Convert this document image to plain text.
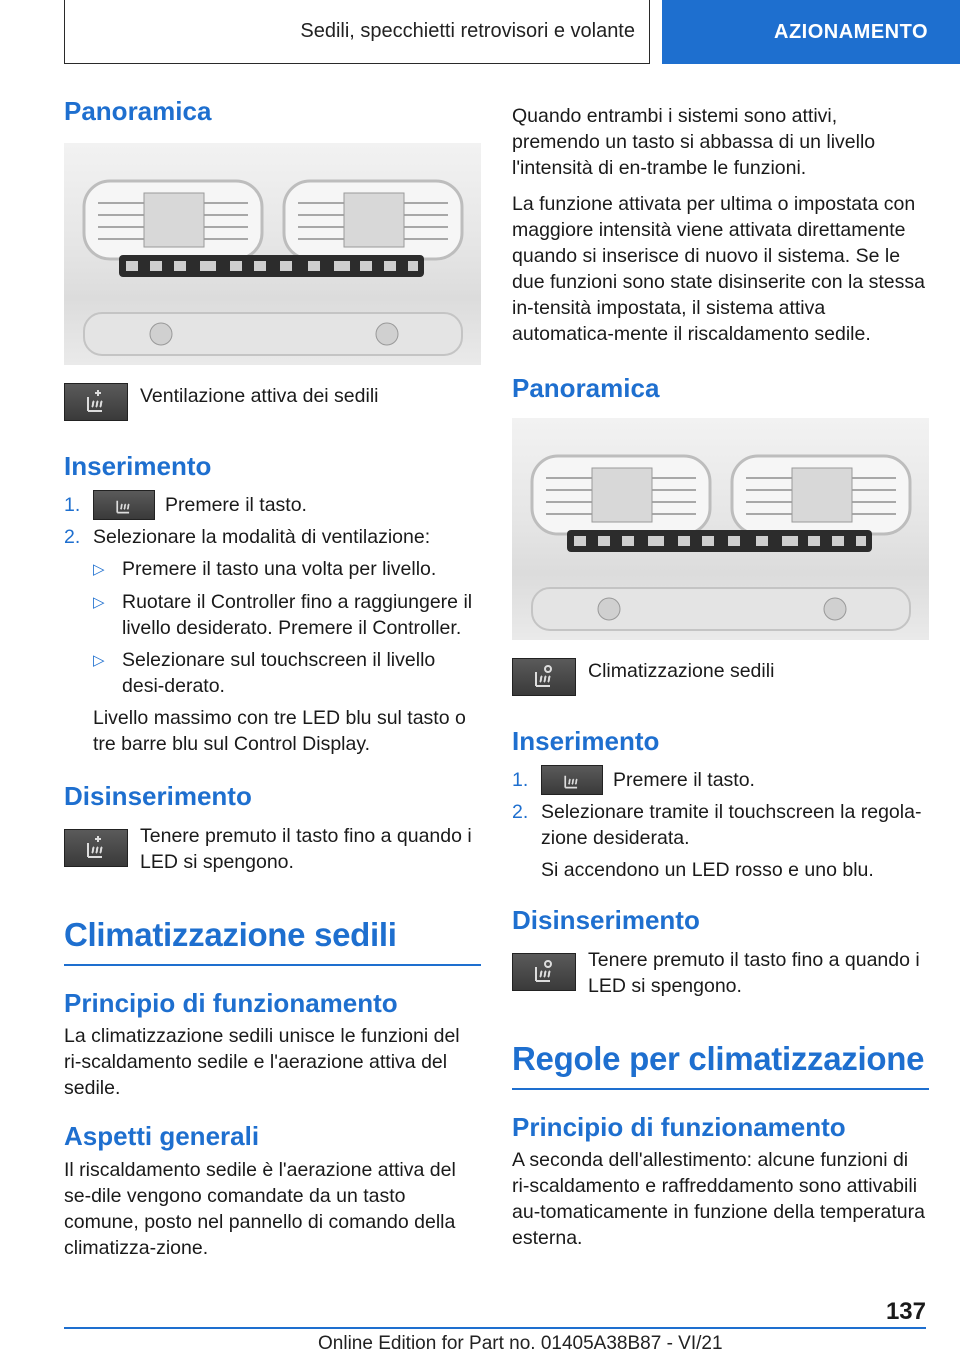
Sedili, specchietti retrovisori e volante	AZIONAMENTO
Panoramica

Ventilazione attiva dei sedili

Inserimento
1.	Premere il tasto.
2. Selezionare la modalità di ventilazione:
▷ Premere il tasto una volta per livello.
▷ Ruotare il Controller fino a raggiungere il livello desiderato. Premere il Controller.
▷ Selezionare sul touchscreen il livello desi-derato.

Livello massimo con tre LED blu sul tasto o tre barre blu sul Control Display.

Disinserimento

Tenere premuto il tasto fino a quando i LED si spengono.

Climatizzazione sedili
Principio di funzionamento

La climatizzazione sedili unisce le funzioni del ri-scaldamento sedile e l'aerazione attiva del sedile.

Aspetti generali

Il riscaldamento sedile è l'aerazione attiva del se-dile vengono comandate da un tasto comune, posto nel pannello di comando della climatizza-zione.

Quando entrambi i sistemi sono attivi, premendo un tasto si abbassa di un livello l'intensità di en-trambe le funzioni.

La funzione attivata per ultima o impostata con maggiore intensità viene attivata direttamente quando si inserisce di nuovo il sistema. Se le due funzioni sono state disinserite con la stessa in-tensità impostata, il sistema attiva automatica-mente il riscaldamento sedile.

Panoramica

Climatizzazione sedili

Inserimento
1.	Premere il tasto.
2. Selezionare tramite il touchscreen la regola-zione desiderata.

Si accendono un LED rosso e uno blu.

Disinserimento

Tenere premuto il tasto fino a quando i LED si spengono.

Regole per climatizzazione
Principio di funzionamento

A seconda dell'allestimento: alcune funzioni di ri-scaldamento e raffreddamento sono attivabili au-tomaticamente in funzione della temperatura esterna.

137
Online Edition for Part no. 01405A38B87 - VI/21
